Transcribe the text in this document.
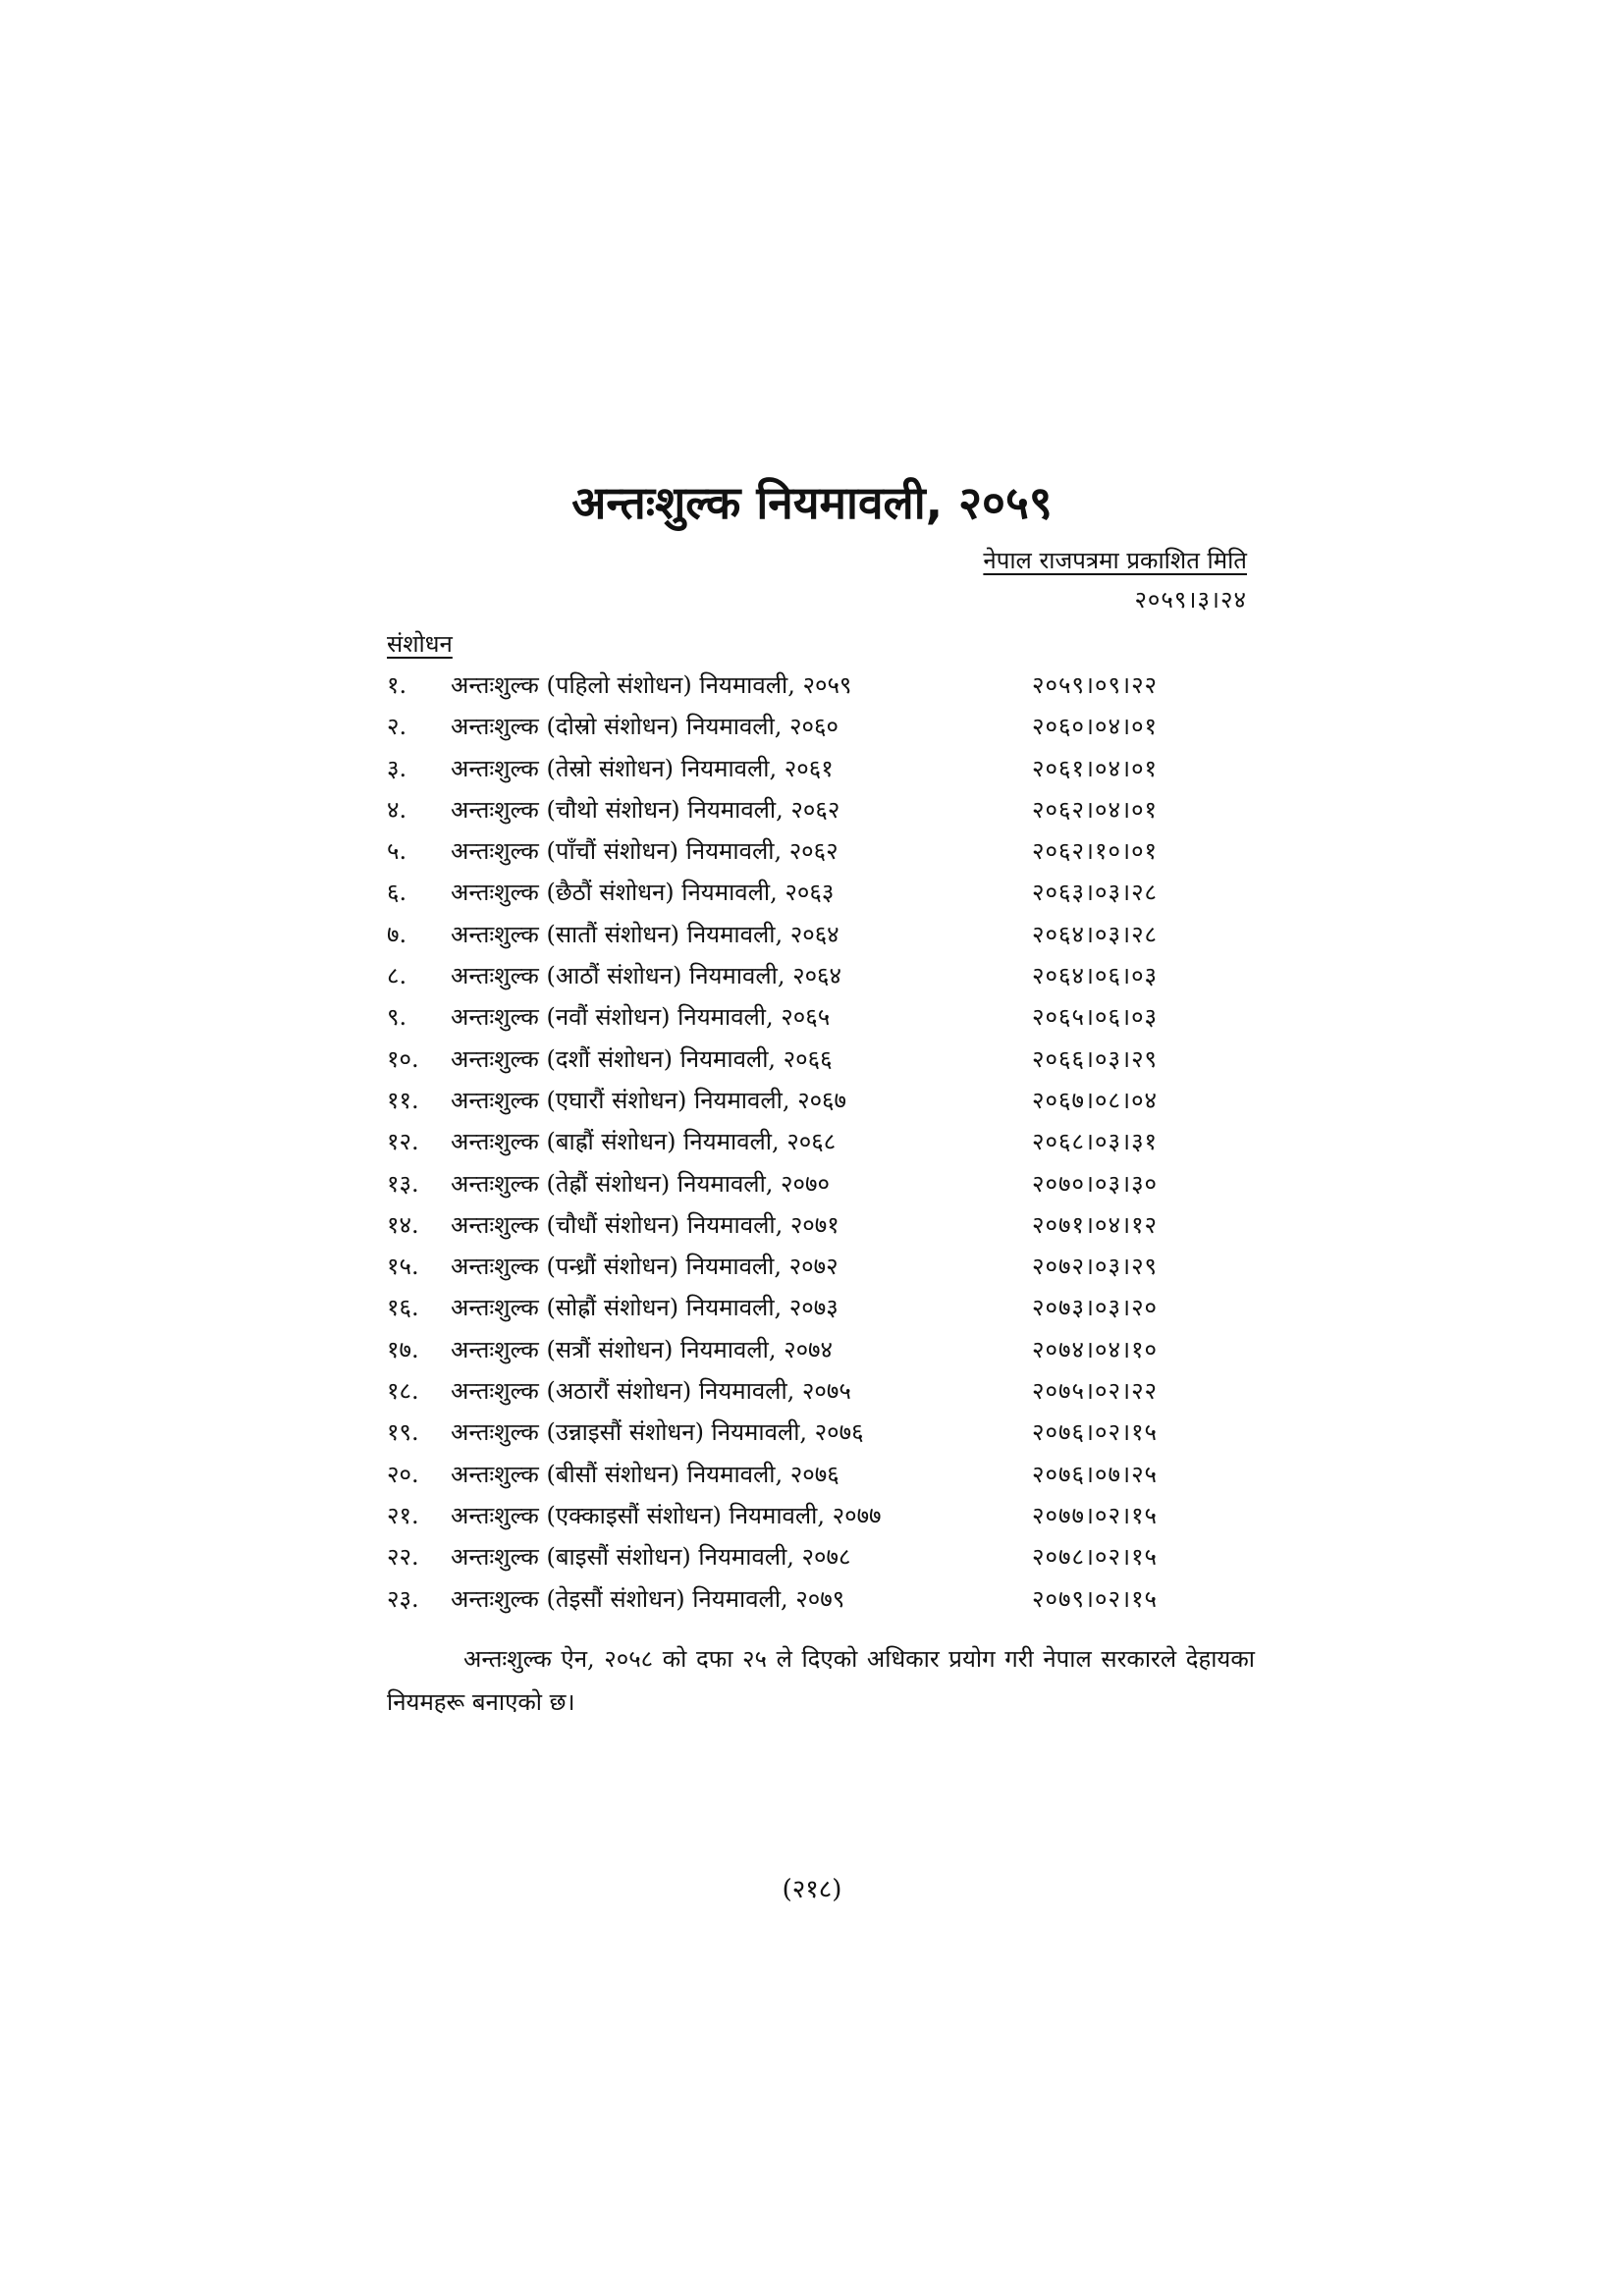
अन्तःशुल्क नियमावली, २०५९
नेपाल राजपत्रमा प्रकाशित मिति
२०५९।३।२४
संशोधन
१. अन्तःशुल्क (पहिलो संशोधन) नियमावली, २०५९	२०५९।०९।२२
२. अन्तःशुल्क (दोस्रो संशोधन) नियमावली, २०६०	२०६०।०४।०१
३. अन्तःशुल्क (तेस्रो संशोधन) नियमावली, २०६१	२०६१।०४।०१
४. अन्तःशुल्क (चौथो संशोधन) नियमावली, २०६२	२०६२।०४।०१
५. अन्तःशुल्क (पाँचौं संशोधन) नियमावली, २०६२	२०६२।१०।०१
६. अन्तःशुल्क (छैठौं संशोधन) नियमावली, २०६३	२०६३।०३।२८
७. अन्तःशुल्क (सातौं संशोधन) नियमावली, २०६४	२०६४।०३।२८
८. अन्तःशुल्क (आठौं संशोधन) नियमावली, २०६४	२०६४।०६।०३
९. अन्तःशुल्क (नवौं संशोधन) नियमावली, २०६५	२०६५।०६।०३
१०. अन्तःशुल्क (दशौं संशोधन) नियमावली, २०६६	२०६६।०३।२९
११. अन्तःशुल्क (एघारौं संशोधन) नियमावली, २०६७	२०६७।०८।०४
१२. अन्तःशुल्क (बाह्रौं संशोधन) नियमावली, २०६८	२०६८।०३।३१
१३. अन्तःशुल्क (तेह्रौं संशोधन) नियमावली, २०७०	२०७०।०३।३०
१४. अन्तःशुल्क (चौधौं संशोधन) नियमावली, २०७१	२०७१।०४।१२
१५. अन्तःशुल्क (पन्ध्रौं संशोधन) नियमावली, २०७२	२०७२।०३।२९
१६. अन्तःशुल्क (सोह्रौं संशोधन) नियमावली, २०७३	२०७३।०३।२०
१७. अन्तःशुल्क (सत्रौं संशोधन) नियमावली, २०७४	२०७४।०४।१०
१८. अन्तःशुल्क (अठारौं संशोधन) नियमावली, २०७५	२०७५।०२।२२
१९. अन्तःशुल्क (उन्नाइसौं संशोधन) नियमावली, २०७६	२०७६।०२।१५
२०. अन्तःशुल्क (बीसौं संशोधन) नियमावली, २०७६	२०७६।०७।२५
२१. अन्तःशुल्क (एक्काइसौं संशोधन) नियमावली, २०७७	२०७७।०२।१५
२२. अन्तःशुल्क (बाइसौं संशोधन) नियमावली, २०७८	२०७८।०२।१५
२३. अन्तःशुल्क (तेइसौं संशोधन) नियमावली, २०७९	२०७९।०२।१५

अन्तःशुल्क ऐन, २०५८ को दफा २५ ले दिएको अधिकार प्रयोग गरी नेपाल सरकारले देहायका नियमहरू बनाएको छ।

(२१८)
